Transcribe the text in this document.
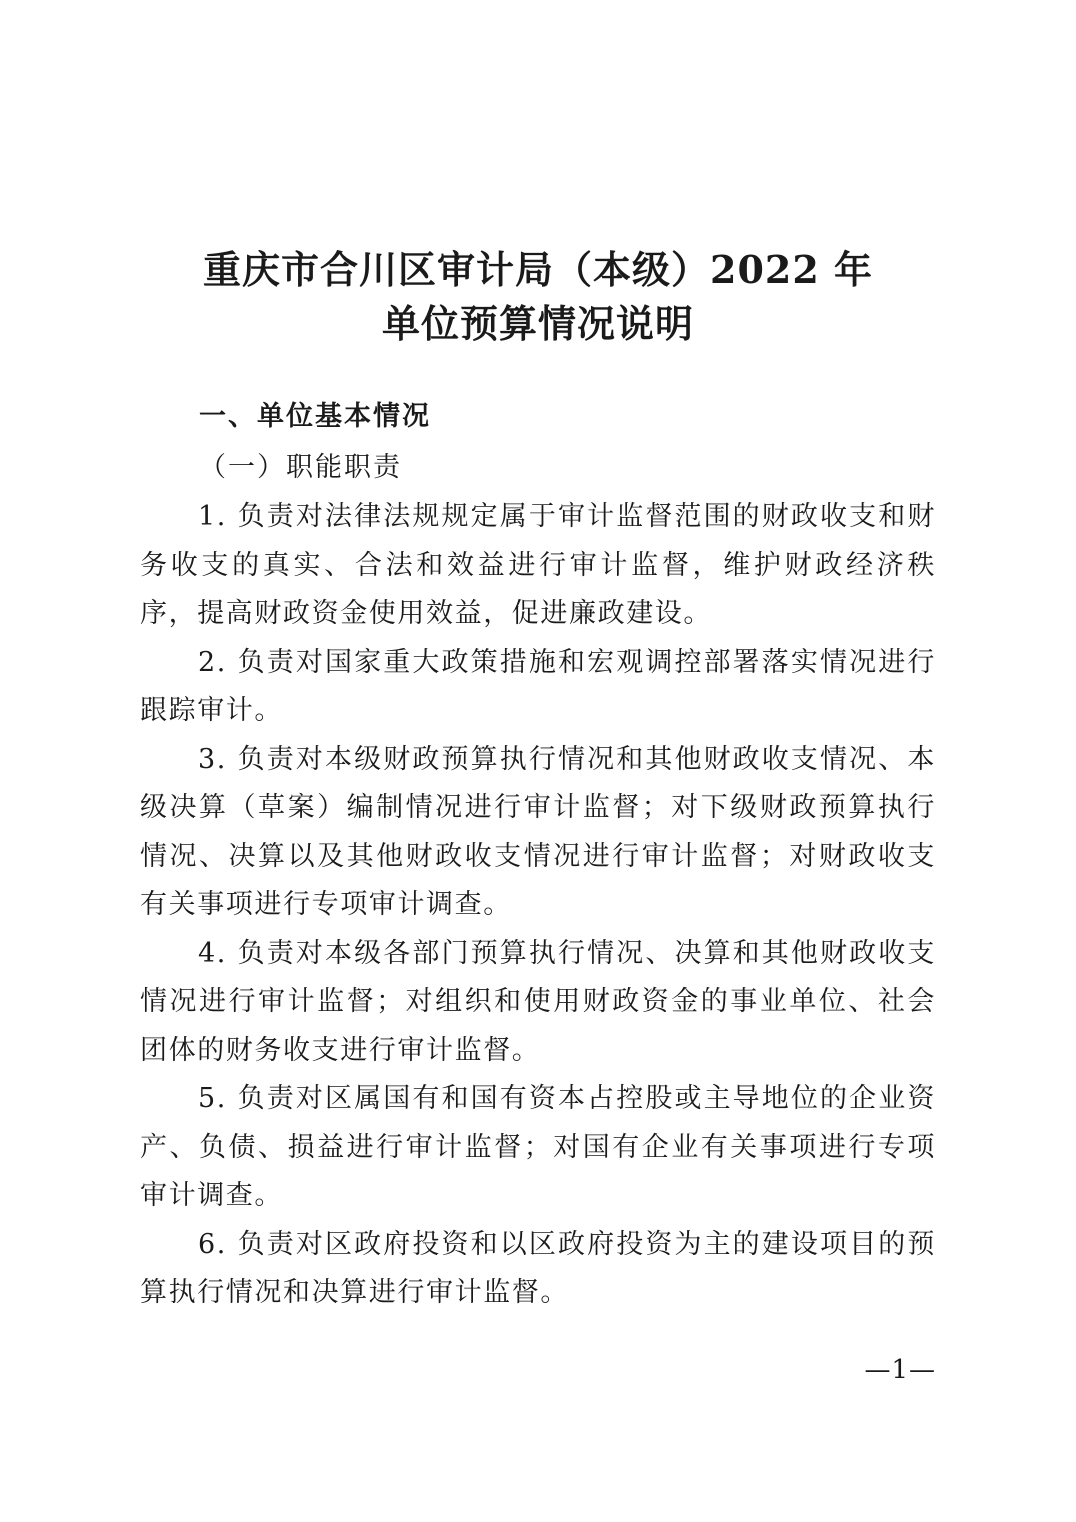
重庆市合川区审计局（本级）2022 年
单位预算情况说明
一、单位基本情况
（一）职能职责

1. 负责对法律法规规定属于审计监督范围的财政收支和财务收支的真实、合法和效益进行审计监督，维护财政经济秩序，提高财政资金使用效益，促进廉政建设。

2. 负责对国家重大政策措施和宏观调控部署落实情况进行跟踪审计。

3. 负责对本级财政预算执行情况和其他财政收支情况、本级决算（草案）编制情况进行审计监督；对下级财政预算执行情况、决算以及其他财政收支情况进行审计监督；对财政收支有关事项进行专项审计调查。

4. 负责对本级各部门预算执行情况、决算和其他财政收支情况进行审计监督；对组织和使用财政资金的事业单位、社会团体的财务收支进行审计监督。

5. 负责对区属国有和国有资本占控股或主导地位的企业资产、负债、损益进行审计监督；对国有企业有关事项进行专项审计调查。

6. 负责对区政府投资和以区政府投资为主的建设项目的预算执行情况和决算进行审计监督。

—1—
